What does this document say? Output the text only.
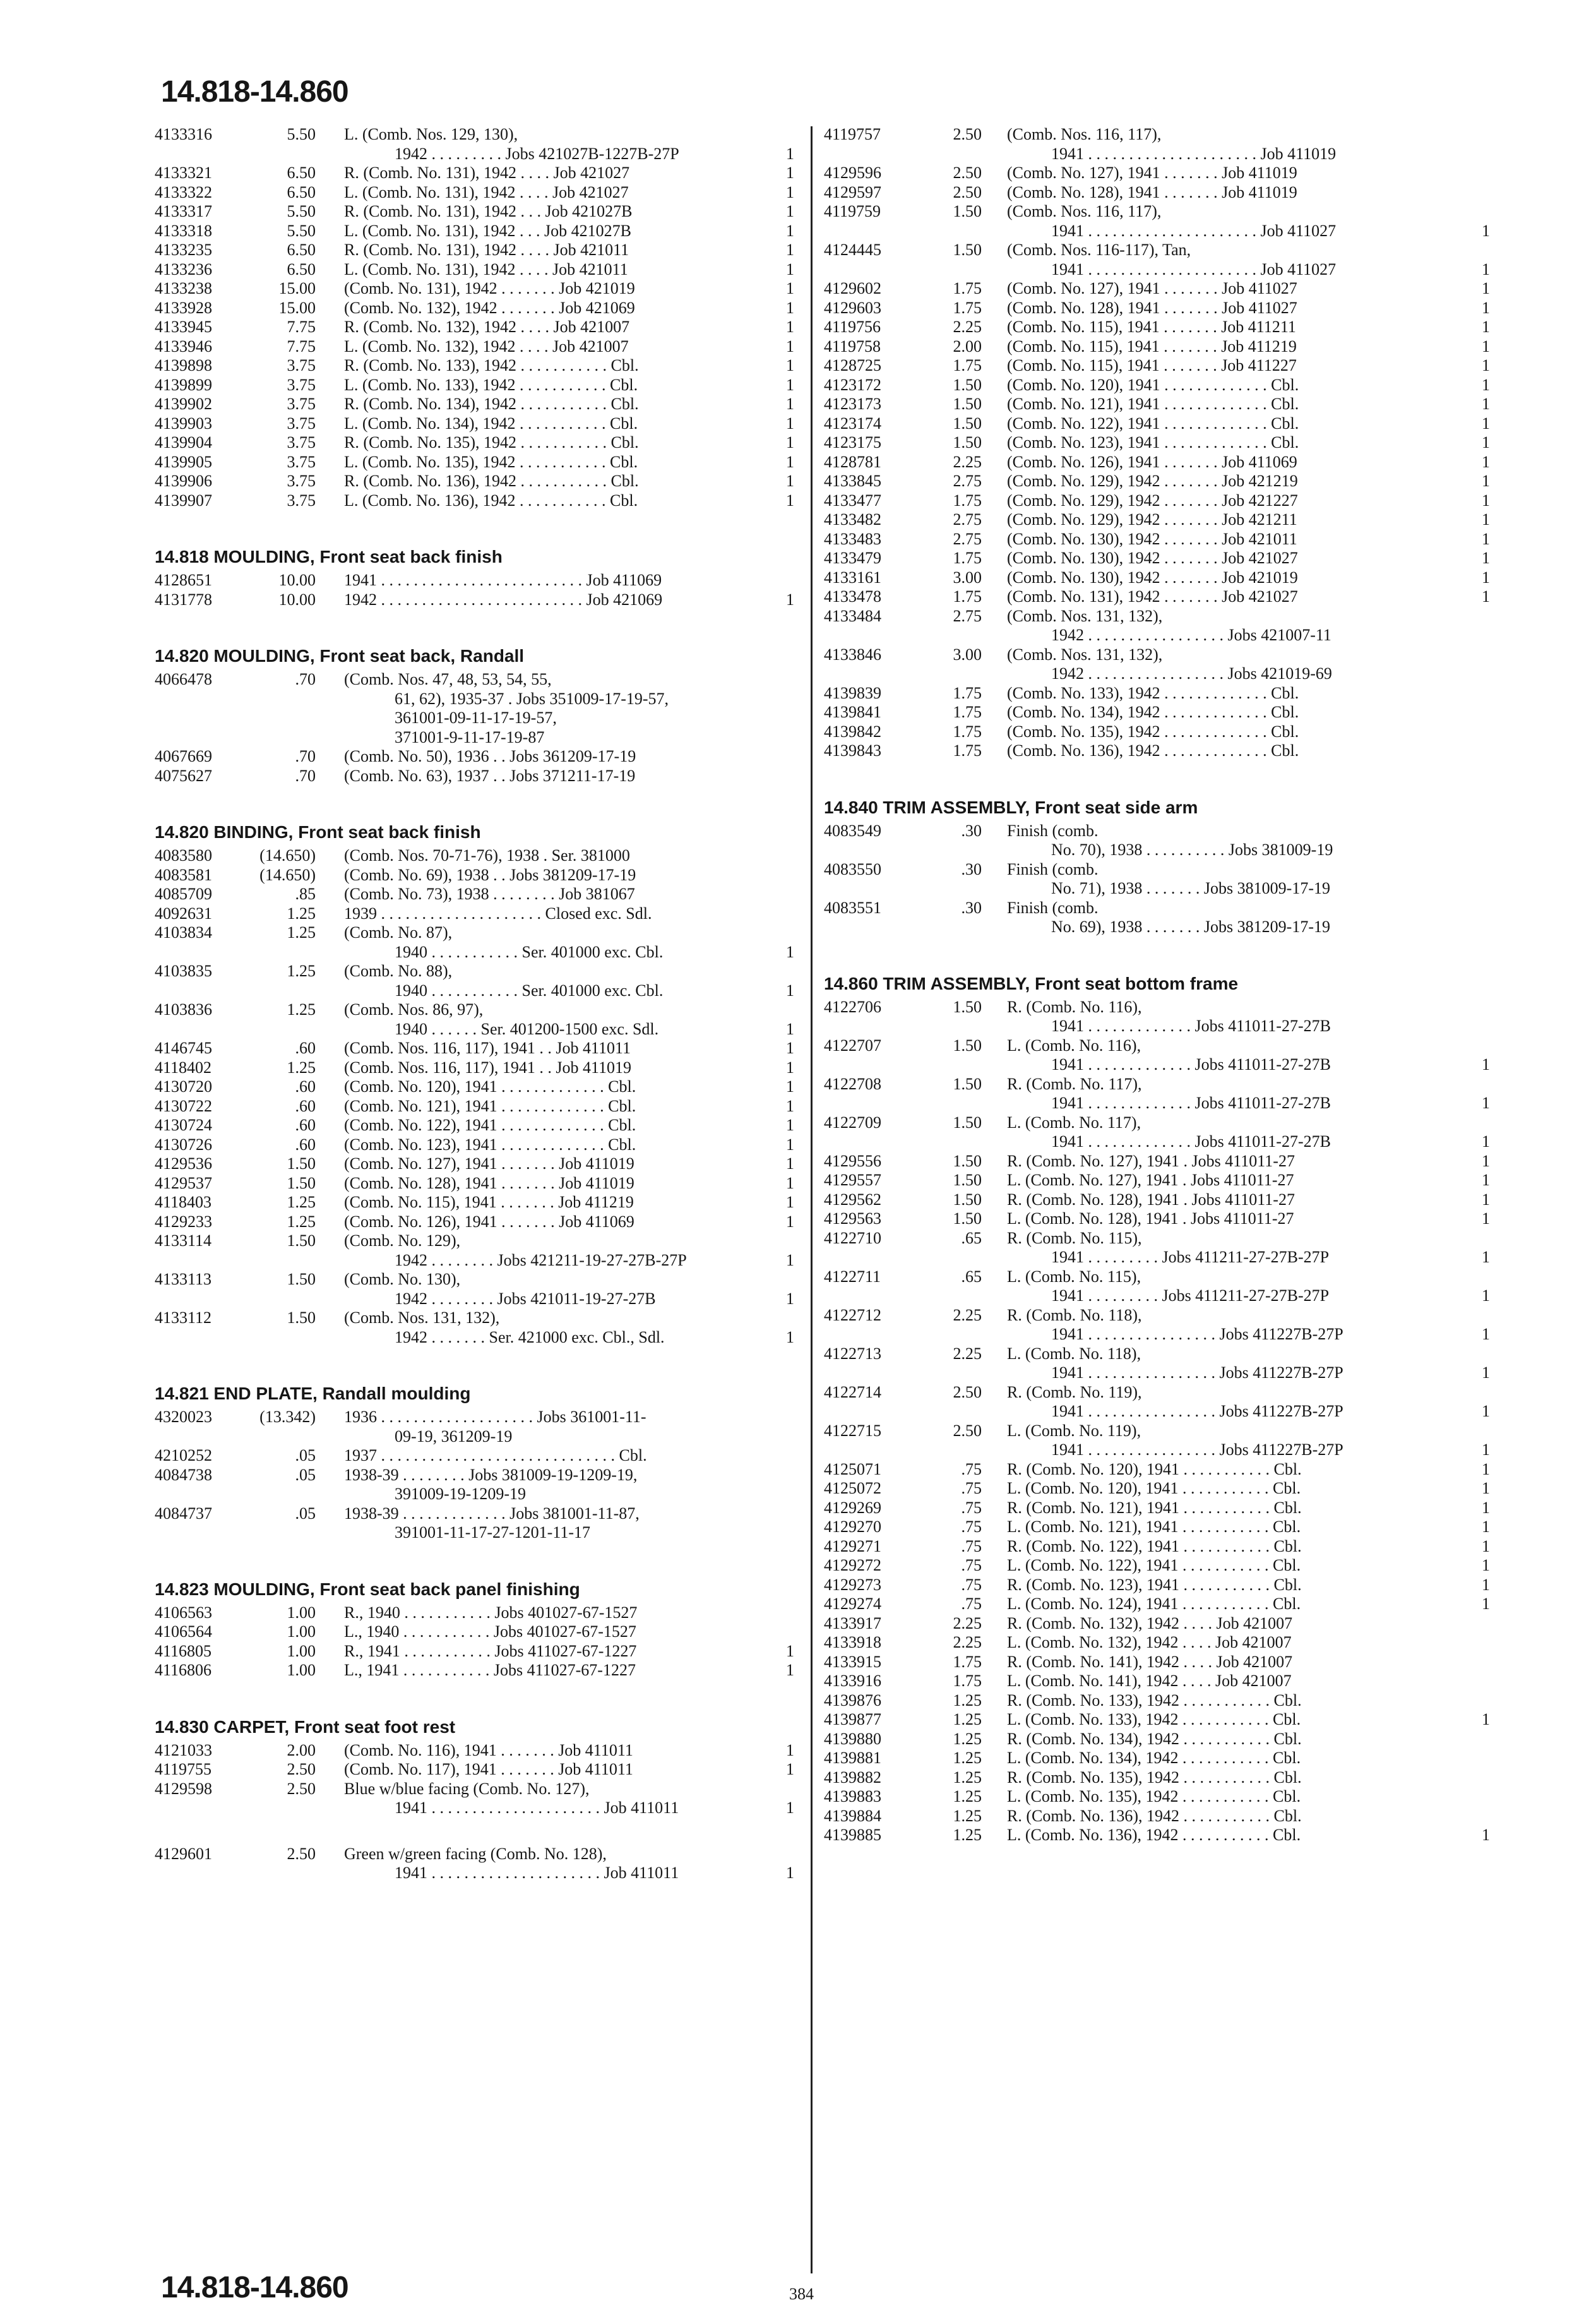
14.818-14.860
14.818-14.860	384
4133316	5.50 L. (Comb. Nos. 129, 130),
1942 . . . . . . . . . Jobs 421027B-1227B-27P	1
4133321	6.50 R. (Comb. No. 131), 1942 . . . . Job 421027	1
4133322	6.50 L. (Comb. No. 131), 1942 . . . . Job 421027	1
4133317	5.50 R. (Comb. No. 131), 1942 . . . Job 421027B	1
4133318	5.50 L. (Comb. No. 131), 1942 . . . Job 421027B	1
4133235	6.50 R. (Comb. No. 131), 1942 . . . . Job 421011	1
4133236	6.50 L. (Comb. No. 131), 1942 . . . . Job 421011	1
4133238	15.00 (Comb. No. 131), 1942 . . . . . . . Job 421019	1
4133928	15.00 (Comb. No. 132), 1942 . . . . . . . Job 421069	1
4133945	7.75 R. (Comb. No. 132), 1942 . . . . Job 421007	1
4133946	7.75 L. (Comb. No. 132), 1942 . . . . Job 421007	1
4139898	3.75 R. (Comb. No. 133), 1942 . . . . . . . . . . . Cbl.	1
4139899	3.75 L. (Comb. No. 133), 1942 . . . . . . . . . . . Cbl.	1
4139902	3.75 R. (Comb. No. 134), 1942 . . . . . . . . . . . Cbl.	1
4139903	3.75 L. (Comb. No. 134), 1942 . . . . . . . . . . . Cbl.	1
4139904	3.75 R. (Comb. No. 135), 1942 . . . . . . . . . . . Cbl.	1
4139905	3.75 L. (Comb. No. 135), 1942 . . . . . . . . . . . Cbl.	1
4139906	3.75 R. (Comb. No. 136), 1942 . . . . . . . . . . . Cbl.	1
4139907	3.75 L. (Comb. No. 136), 1942 . . . . . . . . . . . Cbl.	1
14.818 MOULDING, Front seat back finish
4128651	10.00 1941 . . . . . . . . . . . . . . . . . . . . . . . . . Job 411069
4131778	10.00 1942 . . . . . . . . . . . . . . . . . . . . . . . . . Job 421069	1
14.820 MOULDING, Front seat back, Randall
4066478	.70 (Comb. Nos. 47, 48, 53, 54, 55,
61, 62), 1935-37 . Jobs 351009-17-19-57,
361001-09-11-17-19-57,
371001-9-11-17-19-87
4067669	.70 (Comb. No. 50), 1936 . . Jobs 361209-17-19
4075627	.70 (Comb. No. 63), 1937 . . Jobs 371211-17-19
14.820 BINDING, Front seat back finish
4083580	(14.650) (Comb. Nos. 70-71-76), 1938 . Ser. 381000
4083581	(14.650) (Comb. No. 69), 1938 . . Jobs 381209-17-19
4085709	.85 (Comb. No. 73), 1938 . . . . . . . . Job 381067
4092631	1.25 1939 . . . . . . . . . . . . . . . . . . . . Closed exc. Sdl.
4103834	1.25 (Comb. No. 87),
1940 . . . . . . . . . . . Ser. 401000 exc. Cbl.	1
4103835	1.25 (Comb. No. 88),
1940 . . . . . . . . . . . Ser. 401000 exc. Cbl.	1
4103836	1.25 (Comb. Nos. 86, 97),
1940 . . . . . . Ser. 401200-1500 exc. Sdl.	1
4146745	.60 (Comb. Nos. 116, 117), 1941 . . Job 411011	1
4118402	1.25 (Comb. Nos. 116, 117), 1941 . . Job 411019	1
4130720	.60 (Comb. No. 120), 1941 . . . . . . . . . . . . . Cbl.	1
4130722	.60 (Comb. No. 121), 1941 . . . . . . . . . . . . . Cbl.	1
4130724	.60 (Comb. No. 122), 1941 . . . . . . . . . . . . . Cbl.	1
4130726	.60 (Comb. No. 123), 1941 . . . . . . . . . . . . . Cbl.	1
4129536	1.50 (Comb. No. 127), 1941 . . . . . . . Job 411019	1
4129537	1.50 (Comb. No. 128), 1941 . . . . . . . Job 411019	1
4118403	1.25 (Comb. No. 115), 1941 . . . . . . . Job 411219	1
4129233	1.25 (Comb. No. 126), 1941 . . . . . . . Job 411069	1
4133114	1.50 (Comb. No. 129),
1942 . . . . . . . . Jobs 421211-19-27-27B-27P	1
4133113	1.50 (Comb. No. 130),
1942 . . . . . . . . Jobs 421011-19-27-27B	1
4133112	1.50 (Comb. Nos. 131, 132),
1942 . . . . . . . Ser. 421000 exc. Cbl., Sdl.	1
14.821 END PLATE, Randall moulding
4320023	(13.342) 1936 . . . . . . . . . . . . . . . . . . . Jobs 361001-11-
09-19, 361209-19
4210252	.05 1937 . . . . . . . . . . . . . . . . . . . . . . . . . . . . . Cbl.
4084738	.05 1938-39 . . . . . . . . Jobs 381009-19-1209-19,
391009-19-1209-19
4084737	.05 1938-39 . . . . . . . . . . . . . Jobs 381001-11-87,
391001-11-17-27-1201-11-17
14.823 MOULDING, Front seat back panel finishing
4106563	1.00 R., 1940 . . . . . . . . . . . Jobs 401027-67-1527
4106564	1.00 L., 1940 . . . . . . . . . . . Jobs 401027-67-1527
4116805	1.00 R., 1941 . . . . . . . . . . . Jobs 411027-67-1227	1
4116806	1.00 L., 1941 . . . . . . . . . . . Jobs 411027-67-1227	1
14.830 CARPET, Front seat foot rest
4121033	2.00 (Comb. No. 116), 1941 . . . . . . . Job 411011	1
4119755	2.50 (Comb. No. 117), 1941 . . . . . . . Job 411011	1
4129598	2.50 Blue w/blue facing (Comb. No. 127),
1941 . . . . . . . . . . . . . . . . . . . . . Job 411011	1
4129601	2.50 Green w/green facing (Comb. No. 128),
1941 . . . . . . . . . . . . . . . . . . . . . Job 411011	1
4119757	2.50 (Comb. Nos. 116, 117),
1941 . . . . . . . . . . . . . . . . . . . . . Job 411019
4129596	2.50 (Comb. No. 127), 1941 . . . . . . . Job 411019
4129597	2.50 (Comb. No. 128), 1941 . . . . . . . Job 411019
4119759	1.50 (Comb. Nos. 116, 117),
1941 . . . . . . . . . . . . . . . . . . . . . Job 411027	1
4124445	1.50 (Comb. Nos. 116-117), Tan,
1941 . . . . . . . . . . . . . . . . . . . . . Job 411027	1
4129602	1.75 (Comb. No. 127), 1941 . . . . . . . Job 411027	1
4129603	1.75 (Comb. No. 128), 1941 . . . . . . . Job 411027	1
4119756	2.25 (Comb. No. 115), 1941 . . . . . . . Job 411211	1
4119758	2.00 (Comb. No. 115), 1941 . . . . . . . Job 411219	1
4128725	1.75 (Comb. No. 115), 1941 . . . . . . . Job 411227	1
4123172	1.50 (Comb. No. 120), 1941 . . . . . . . . . . . . . Cbl.	1
4123173	1.50 (Comb. No. 121), 1941 . . . . . . . . . . . . . Cbl.	1
4123174	1.50 (Comb. No. 122), 1941 . . . . . . . . . . . . . Cbl.	1
4123175	1.50 (Comb. No. 123), 1941 . . . . . . . . . . . . . Cbl.	1
4128781	2.25 (Comb. No. 126), 1941 . . . . . . . Job 411069	1
4133845	2.75 (Comb. No. 129), 1942 . . . . . . . Job 421219	1
4133477	1.75 (Comb. No. 129), 1942 . . . . . . . Job 421227	1
4133482	2.75 (Comb. No. 129), 1942 . . . . . . . Job 421211	1
4133483	2.75 (Comb. No. 130), 1942 . . . . . . . Job 421011	1
4133479	1.75 (Comb. No. 130), 1942 . . . . . . . Job 421027	1
4133161	3.00 (Comb. No. 130), 1942 . . . . . . . Job 421019	1
4133478	1.75 (Comb. No. 131), 1942 . . . . . . . Job 421027	1
4133484	2.75 (Comb. Nos. 131, 132),
1942 . . . . . . . . . . . . . . . . . Jobs 421007-11
4133846	3.00 (Comb. Nos. 131, 132),
1942 . . . . . . . . . . . . . . . . . Jobs 421019-69
4139839	1.75 (Comb. No. 133), 1942 . . . . . . . . . . . . . Cbl.
4139841	1.75 (Comb. No. 134), 1942 . . . . . . . . . . . . . Cbl.
4139842	1.75 (Comb. No. 135), 1942 . . . . . . . . . . . . . Cbl.
4139843	1.75 (Comb. No. 136), 1942 . . . . . . . . . . . . . Cbl.
14.840 TRIM ASSEMBLY, Front seat side arm
4083549	.30 Finish (comb.
No. 70), 1938 . . . . . . . . . . Jobs 381009-19
4083550	.30 Finish (comb.
No. 71), 1938 . . . . . . . Jobs 381009-17-19
4083551	.30 Finish (comb.
No. 69), 1938 . . . . . . . Jobs 381209-17-19
14.860 TRIM ASSEMBLY, Front seat bottom frame
4122706	1.50 R. (Comb. No. 116),
1941 . . . . . . . . . . . . . Jobs 411011-27-27B
4122707	1.50 L. (Comb. No. 116),
1941 . . . . . . . . . . . . . Jobs 411011-27-27B	1
4122708	1.50 R. (Comb. No. 117),
1941 . . . . . . . . . . . . . Jobs 411011-27-27B	1
4122709	1.50 L. (Comb. No. 117),
1941 . . . . . . . . . . . . . Jobs 411011-27-27B	1
4129556	1.50 R. (Comb. No. 127), 1941 . Jobs 411011-27	1
4129557	1.50 L. (Comb. No. 127), 1941 . Jobs 411011-27	1
4129562	1.50 R. (Comb. No. 128), 1941 . Jobs 411011-27	1
4129563	1.50 L. (Comb. No. 128), 1941 . Jobs 411011-27	1
4122710	.65 R. (Comb. No. 115),
1941 . . . . . . . . . Jobs 411211-27-27B-27P	1
4122711	.65 L. (Comb. No. 115),
1941 . . . . . . . . . Jobs 411211-27-27B-27P	1
4122712	2.25 R. (Comb. No. 118),
1941 . . . . . . . . . . . . . . . . Jobs 411227B-27P	1
4122713	2.25 L. (Comb. No. 118),
1941 . . . . . . . . . . . . . . . . Jobs 411227B-27P	1
4122714	2.50 R. (Comb. No. 119),
1941 . . . . . . . . . . . . . . . . Jobs 411227B-27P	1
4122715	2.50 L. (Comb. No. 119),
1941 . . . . . . . . . . . . . . . . Jobs 411227B-27P	1
4125071	.75 R. (Comb. No. 120), 1941 . . . . . . . . . . . Cbl.	1
4125072	.75 L. (Comb. No. 120), 1941 . . . . . . . . . . . Cbl.	1
4129269	.75 R. (Comb. No. 121), 1941 . . . . . . . . . . . Cbl.	1
4129270	.75 L. (Comb. No. 121), 1941 . . . . . . . . . . . Cbl.	1
4129271	.75 R. (Comb. No. 122), 1941 . . . . . . . . . . . Cbl.	1
4129272	.75 L. (Comb. No. 122), 1941 . . . . . . . . . . . Cbl.	1
4129273	.75 R. (Comb. No. 123), 1941 . . . . . . . . . . . Cbl.	1
4129274	.75 L. (Comb. No. 124), 1941 . . . . . . . . . . . Cbl.	1
4133917	2.25 R. (Comb. No. 132), 1942 . . . . Job 421007
4133918	2.25 L. (Comb. No. 132), 1942 . . . . Job 421007
4133915	1.75 R. (Comb. No. 141), 1942 . . . . Job 421007
4133916	1.75 L. (Comb. No. 141), 1942 . . . . Job 421007
4139876	1.25 R. (Comb. No. 133), 1942 . . . . . . . . . . . Cbl.
4139877	1.25 L. (Comb. No. 133), 1942 . . . . . . . . . . . Cbl.	1
4139880	1.25 R. (Comb. No. 134), 1942 . . . . . . . . . . . Cbl.
4139881	1.25 L. (Comb. No. 134), 1942 . . . . . . . . . . . Cbl.
4139882	1.25 R. (Comb. No. 135), 1942 . . . . . . . . . . . Cbl.
4139883	1.25 L. (Comb. No. 135), 1942 . . . . . . . . . . . Cbl.
4139884	1.25 R. (Comb. No. 136), 1942 . . . . . . . . . . . Cbl.
4139885	1.25 L. (Comb. No. 136), 1942 . . . . . . . . . . . Cbl.	1
